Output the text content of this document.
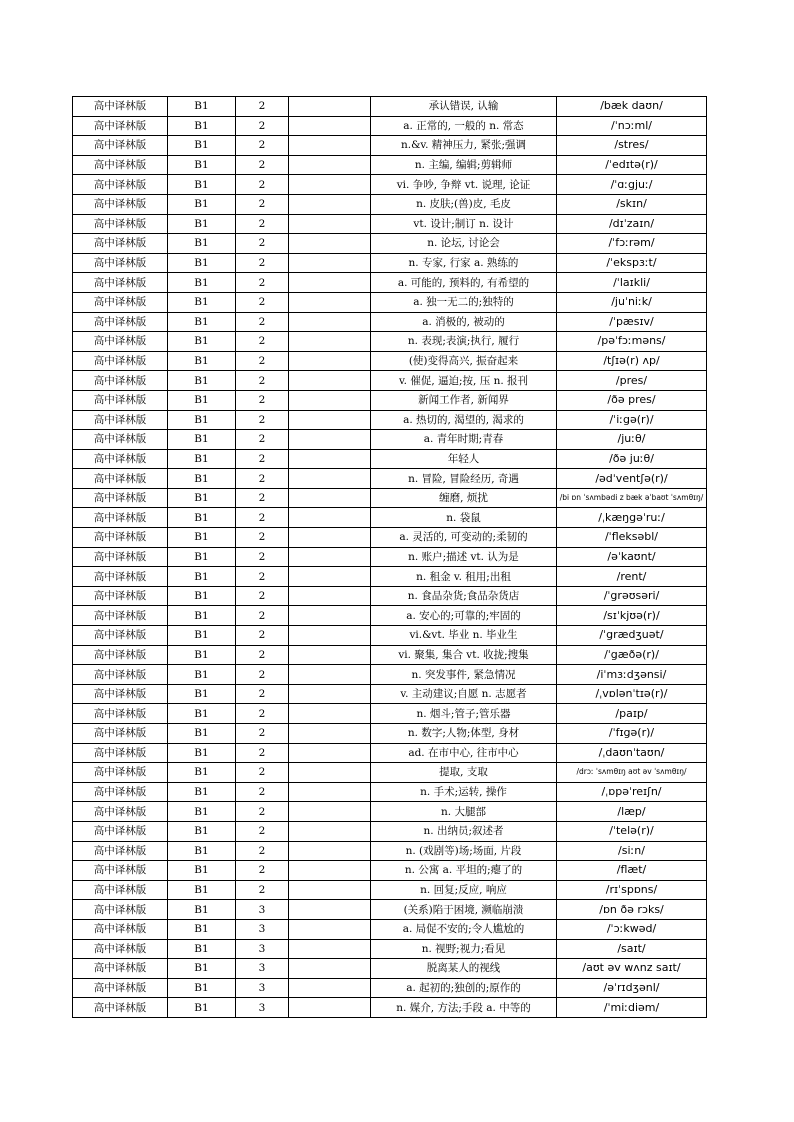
高中译林版	B1	2		承认错误, 认输	/bæk daʊn/
高中译林版	B1	2		a. 正常的, 一般的 n. 常态	/ˈnɔːml/
高中译林版	B1	2		n.&v. 精神压力, 紧张;强调	/stres/
高中译林版	B1	2		n. 主编, 编辑;剪辑师	/ˈedɪtə(r)/
高中译林版	B1	2		vi. 争吵, 争辩 vt. 说理, 论证	/ˈɑːgjuː/
高中译林版	B1	2		n. 皮肤;(兽)皮, 毛皮	/skɪn/
高中译林版	B1	2		vt. 设计;制订 n. 设计	/dɪˈzaɪn/
高中译林版	B1	2		n. 论坛, 讨论会	/ˈfɔːrəm/
高中译林版	B1	2		n. 专家, 行家 a. 熟练的	/ˈekspɜːt/
高中译林版	B1	2		a. 可能的, 预料的, 有希望的	/ˈlaɪkli/
高中译林版	B1	2		a. 独一无二的;独特的	/juˈniːk/
高中译林版	B1	2		a. 消极的, 被动的	/ˈpæsɪv/
高中译林版	B1	2		n. 表现;表演;执行, 履行	/pəˈfɔːməns/
高中译林版	B1	2		(使)变得高兴, 振奋起来	/tʃɪə(r) ʌp/
高中译林版	B1	2		v. 催促, 逼迫;按, 压 n. 报刊	/pres/
高中译林版	B1	2		新闻工作者, 新闻界	/ðə pres/
高中译林版	B1	2		a. 热切的, 渴望的, 渴求的	/ˈiːgə(r)/
高中译林版	B1	2		a. 青年时期;青春	/juːθ/
高中译林版	B1	2		年轻人	/ðə juːθ/
高中译林版	B1	2		n. 冒险, 冒险经历, 奇遇	/ədˈventʃə(r)/
高中译林版	B1	2		缠磨, 烦扰	/bi ɒn ˈsʌmbədi z bæk əˈbaʊt ˈsʌmθɪŋ/
高中译林版	B1	2		n. 袋鼠	/ˌkæŋgəˈruː/
高中译林版	B1	2		a. 灵活的, 可变动的;柔韧的	/ˈfleksəbl/
高中译林版	B1	2		n. 账户;描述 vt. 认为是	/əˈkaʊnt/
高中译林版	B1	2		n. 租金 v. 租用;出租	/rent/
高中译林版	B1	2		n. 食品杂货;食品杂货店	/ˈgrəʊsəri/
高中译林版	B1	2		a. 安心的;可靠的;牢固的	/sɪˈkjʊə(r)/
高中译林版	B1	2		vi.&vt. 毕业 n. 毕业生	/ˈgrædʒuət/
高中译林版	B1	2		vi. 聚集, 集合 vt. 收拢;搜集	/ˈgæðə(r)/
高中译林版	B1	2		n. 突发事件, 紧急情况	/iˈmɜːdʒənsi/
高中译林版	B1	2		v. 主动建议;自愿 n. 志愿者	/ˌvɒlənˈtɪə(r)/
高中译林版	B1	2		n. 烟斗;管子;管乐器	/paɪp/
高中译林版	B1	2		n. 数字;人物;体型, 身材	/ˈfɪgə(r)/
高中译林版	B1	2		ad. 在市中心, 往市中心	/ˌdaʊnˈtaʊn/
高中译林版	B1	2		提取, 支取	/drɔː ˈsʌmθɪŋ aʊt əv ˈsʌmθɪŋ/
高中译林版	B1	2		n. 手术;运转, 操作	/ˌɒpəˈreɪʃn/
高中译林版	B1	2		n. 大腿部	/læp/
高中译林版	B1	2		n. 出纳员;叙述者	/ˈtelə(r)/
高中译林版	B1	2		n. (戏剧等)场;场面, 片段	/siːn/
高中译林版	B1	2		n. 公寓 a. 平坦的;瘪了的	/flæt/
高中译林版	B1	2		n. 回复;反应, 响应	/rɪˈspɒns/
高中译林版	B1	3		(关系)陷于困境, 濒临崩溃	/ɒn ðə rɔks/
高中译林版	B1	3		a. 局促不安的;令人尴尬的	/ˈɔːkwəd/
高中译林版	B1	3		n. 视野;视力;看见	/saɪt/
高中译林版	B1	3		脱离某人的视线	/aʊt əv wʌnz saɪt/
高中译林版	B1	3		a. 起初的;独创的;原作的	/əˈrɪdʒənl/
高中译林版	B1	3		n. 媒介, 方法;手段 a. 中等的	/ˈmiːdiəm/
